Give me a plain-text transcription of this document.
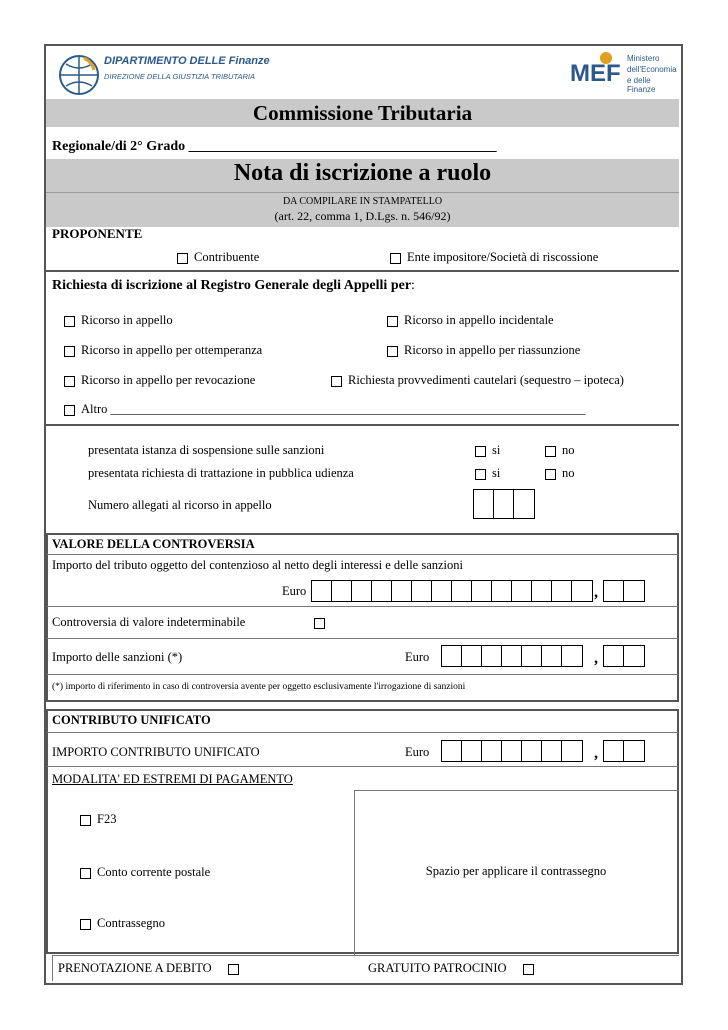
DIPARTIMENTO DELLE Finanze
DIREZIONE DELLA GIUSTIZIA TRIBUTARIA	MEF
Ministero
dell'Economia
e delle Finanze
Commissione Tributaria
Regionale/di 2° Grado ____________________________________________
Nota di iscrizione a ruolo
DA COMPILARE IN STAMPATELLO
(art. 22, comma 1, D.Lgs. n. 546/92)
PROPONENTE
Contribuente	Ente impositore/Società di riscossione
Richiesta di iscrizione al Registro Generale degli Appelli per:
Ricorso in appello	Ricorso in appello incidentale
Ricorso in appello per ottemperanza	Ricorso in appello per riassunzione
Ricorso in appello per revocazione	Richiesta provvedimenti cautelari (sequestro – ipoteca)
Altro ____________________________________________________________________________
presentata istanza di sospensione sulle sanzioni	si	no
presentata richiesta di trattazione in pubblica udienza	si	no
Numero allegati al ricorso in appello
VALORE DELLA CONTROVERSIA
Importo del tributo oggetto del contenzioso al netto degli interessi e delle sanzioni
Euro	,
Controversia di valore indeterminabile
Importo delle sanzioni (*)	Euro	,
(*) importo di riferimento in caso di controversia avente per oggetto esclusivamente l'irrogazione di sanzioni
CONTRIBUTO UNIFICATO
IMPORTO CONTRIBUTO UNIFICATO	Euro	,
MODALITA' ED ESTREMI DI PAGAMENTO
Spazio per applicare il contrassegno
F23
Conto corrente postale
Contrassegno
PRENOTAZIONE A DEBITO	GRATUITO PATROCINIO
